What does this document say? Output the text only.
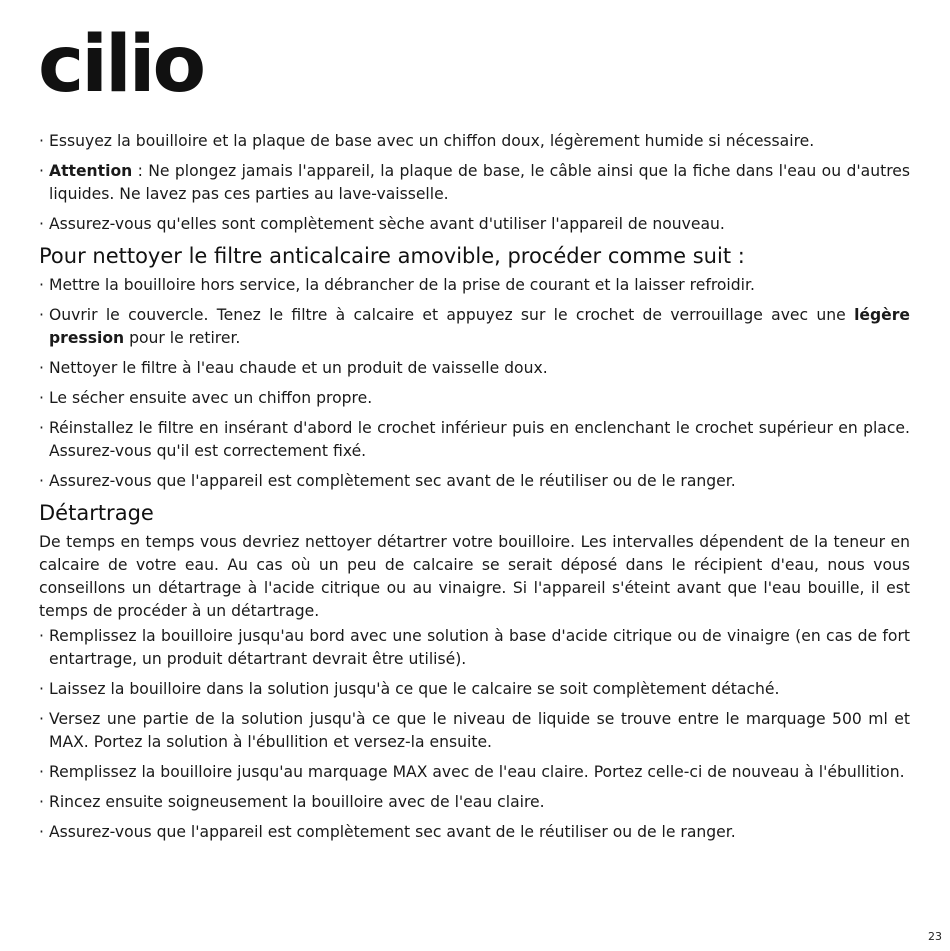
cilio
· Essuyez la bouilloire et la plaque de base avec un chiffon doux, légèrement humide si nécessaire.
· Attention : Ne plongez jamais l'appareil, la plaque de base, le câble ainsi que la fiche dans l'eau ou d'autres liquides. Ne lavez pas ces parties au lave-vaisselle.
· Assurez-vous qu'elles sont complètement sèche avant d'utiliser l'appareil de nouveau.
Pour nettoyer le filtre anticalcaire amovible, procéder comme suit :
· Mettre la bouilloire hors service, la débrancher de la prise de courant et la laisser refroidir.
· Ouvrir le couvercle. Tenez le filtre à calcaire et appuyez sur le crochet de verrouillage avec une légère pression pour le retirer.
· Nettoyer le filtre à l'eau chaude et un produit de vaisselle doux.
· Le sécher ensuite avec un chiffon propre.
· Réinstallez le filtre en insérant d'abord le crochet inférieur puis en enclenchant le crochet supérieur en place. Assurez-vous qu'il est correctement fixé.
· Assurez-vous que l'appareil est complètement sec avant de le réutiliser ou de le ranger.
Détartrage
De temps en temps vous devriez nettoyer détartrer votre bouilloire. Les intervalles dépendent de la teneur en calcaire de votre eau. Au cas où un peu de calcaire se serait déposé dans le récipient d'eau, nous vous conseillons un détartrage à l'acide citrique ou au vinaigre. Si l'appareil s'éteint avant que l'eau bouille, il est temps de procéder à un détartrage.
· Remplissez la bouilloire jusqu'au bord avec une solution à base d'acide citrique ou de vinaigre (en cas de fort entartrage, un produit détartrant devrait être utilisé).
· Laissez la bouilloire dans la solution jusqu'à ce que le calcaire se soit complètement détaché.
· Versez une partie de la solution jusqu'à ce que le niveau de liquide se trouve entre le marquage 500 ml et MAX. Portez la solution à l'ébullition et versez-la ensuite.
· Remplissez la bouilloire jusqu'au marquage MAX avec de l'eau claire. Portez celle-ci de nouveau à l'ébullition.
· Rincez ensuite soigneusement la bouilloire avec de l'eau claire.
· Assurez-vous que l'appareil est complètement sec avant de le réutiliser ou de le ranger.
23
